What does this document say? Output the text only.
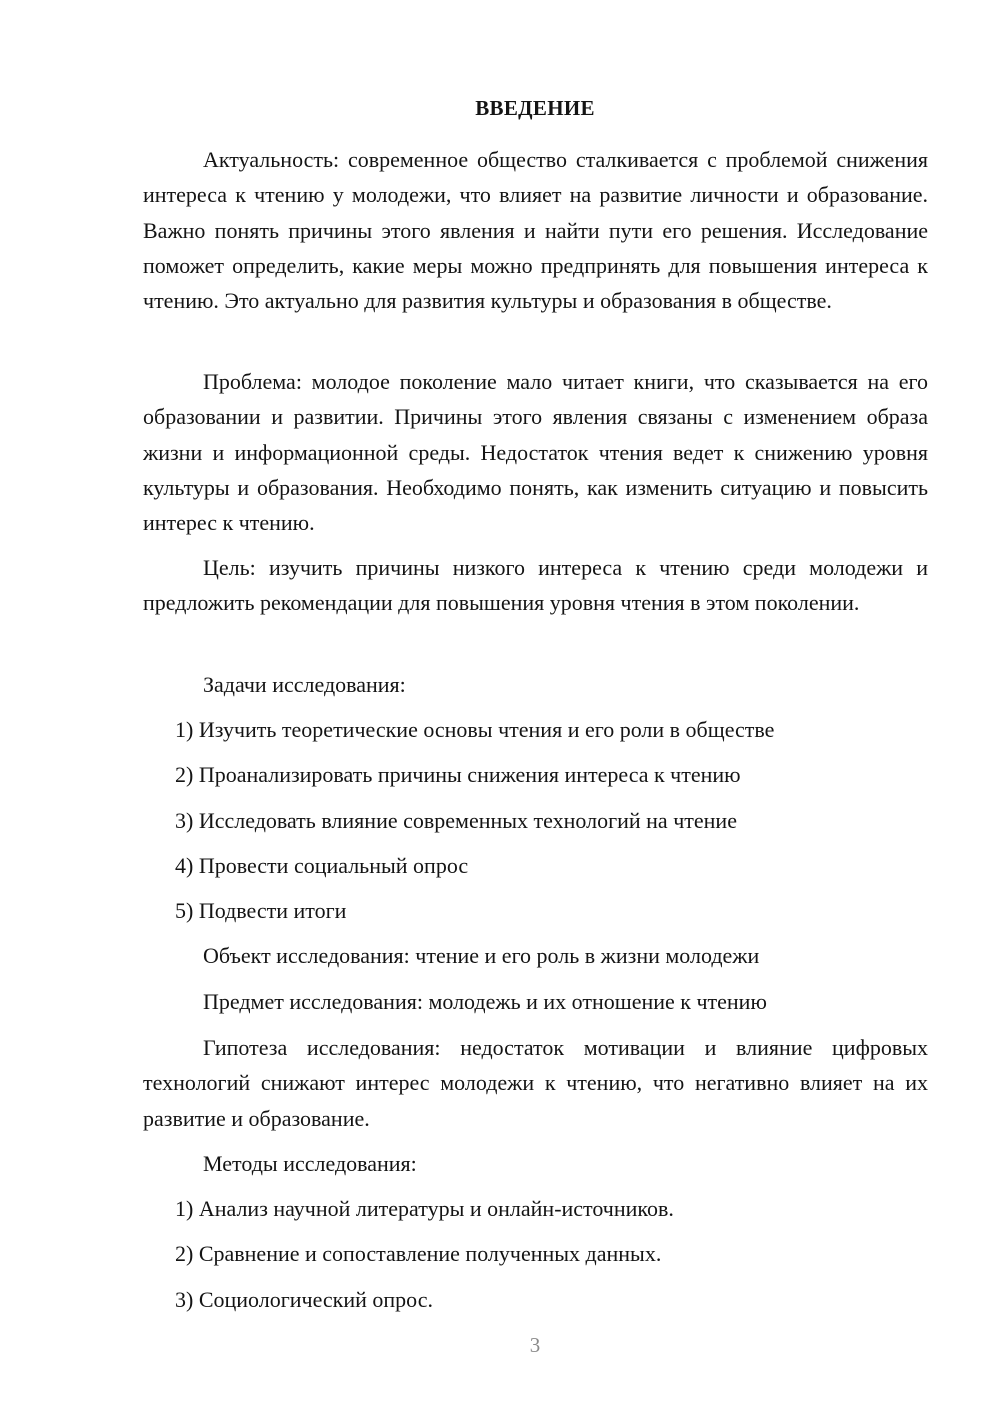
ВВЕДЕНИЕ

Актуальность: современное общество сталкивается с проблемой снижения интереса к чтению у молодежи, что влияет на развитие личности и образование. Важно понять причины этого явления и найти пути его решения. Исследование поможет определить, какие меры можно предпринять для повышения интереса к чтению. Это актуально для развития культуры и образования в обществе.

Проблема: молодое поколение мало читает книги, что сказывается на его образовании и развитии. Причины этого явления связаны с изменением образа жизни и информационной среды. Недостаток чтения ведет к снижению уровня культуры и образования. Необходимо понять, как изменить ситуацию и повысить интерес к чтению.

Цель: изучить причины низкого интереса к чтению среди молодежи и предложить рекомендации для повышения уровня чтения в этом поколении.

Задачи исследования:

1) Изучить теоретические основы чтения и его роли в обществе

2) Проанализировать причины снижения интереса к чтению

3) Исследовать влияние современных технологий на чтение

4) Провести социальный опрос

5) Подвести итоги

Объект исследования: чтение и его роль в жизни молодежи

Предмет исследования: молодежь и их отношение к чтению

Гипотеза исследования: недостаток мотивации и влияние цифровых технологий снижают интерес молодежи к чтению, что негативно влияет на их развитие и образование.

Методы исследования:

1) Анализ научной литературы и онлайн-источников.

2) Сравнение и сопоставление полученных данных.

3) Социологический опрос.

3
